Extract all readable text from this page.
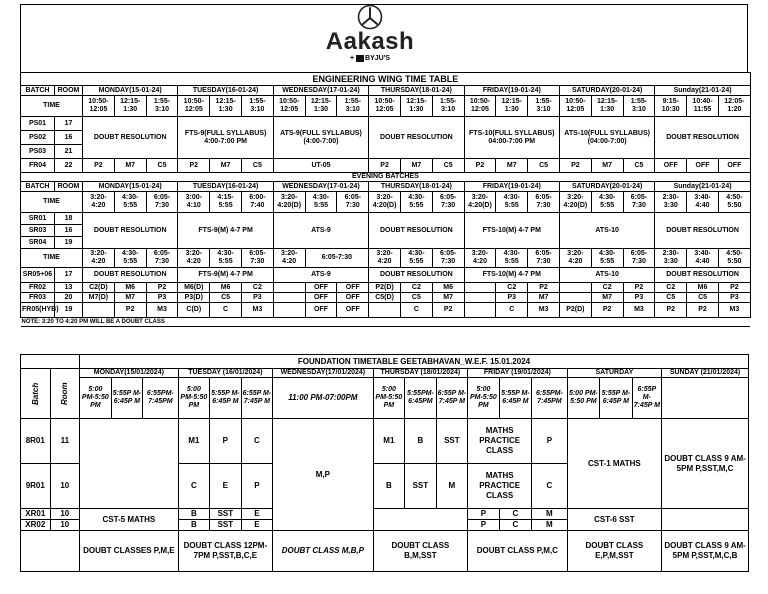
Aakash
+ BYJU'S
ENGINEERING WING TIME TABLE																						
BATCH	ROOM	MONDAY(15-01-24)			TUESDAY(16-01-24)			WEDNESDAY(17-01-24)			THURSDAY(18-01-24)			FRIDAY(19-01-24)			SATURDAY(20-01-24)			Sunday(21-01-24)		
TIME		10:50-12:05	12:15-1:30	1:55-3:10	10:50-12:05	12:15-1:30	1:55-3:10	10:50-12:05	12:15-1:30	1:55-3:10	10:50-12:05	12:15-1:30	1:55-3:10	10:50-12:05	12:15-1:30	1:55-3:10	10:50-12:05	12:15-1:30	1:55-3:10	9:15-10:30	10:40-11:55	12:05-1:20
PS01	17	DOUBT RESOLUTION			FTS-9(FULL SYLLABUS) 4:00-7:00 PM			ATS-9(FULL SYLLABUS)(4:00-7:00)			DOUBT RESOLUTION			FTS-10(FULL SYLLABUS) 04:00-7:00 PM			ATS-10(FULL SYLLABUS)(04:00-7:00)			DOUBT RESOLUTION		
PS02	16																					
PS03	21																					
FR04	22	P2	M7	C5	P2	M7	C5	UT-05			P2	M7	C5	P2	M7	C5	P2	M7	C5	OFF	OFF	OFF
EVENING BATCHES																						
BATCH	ROOM	MONDAY(15-01-24)			TUESDAY(16-01-24)			WEDNESDAY(17-01-24)			THURSDAY(18-01-24)			FRIDAY(19-01-24)			SATURDAY(20-01-24)			Sunday(21-01-24)		
TIME		3:20-4:20	4:30-5:55	6:05-7:30	3:00-4:10	4:15-5:55	6:00-7:40	3:20-4:20(D)	4:30-5:55	6:05-7:30	3:20-4:20(D)	4:30-5:55	6:05-7:30	3:20-4:20(D)	4:30-5:55	6:05-7:30	3:20-4:20(D)	4:30-5:55	6:05-7:30	2:30-3:30	3:40-4:40	4:50-5:50
SR01	18	DOUBT RESOLUTION			FTS-9(M) 4-7 PM			ATS-9			DOUBT RESOLUTION			FTS-10(M) 4-7 PM			ATS-10			DOUBT RESOLUTION		
SR03	16																					
SR04	19																					
TIME		3:20-4:20	4:30-5:55	6:05-7:30	3:20-4:20	4:30-5:55	6:05-7:30	3:20-4:20	6:05-7:30		3:20-4:20	4:30-5:55	6:05-7:30	3:20-4:20	4:30-5:55	6:05-7:30	3:20-4:20	4:30-5:55	6:05-7:30	2:30-3:30	3:40-4:40	4:50-5:50
SR05+06	17	DOUBT RESOLUTION			FTS-9(M) 4-7 PM			ATS-9			DOUBT RESOLUTION			FTS-10(M) 4-7 PM			ATS-10			DOUBT RESOLUTION		
FR02	13	C2(D)	M6	P2	M6(D)	M6	C2		OFF	OFF	P2(D)	C2	M6		C2	P2		C2	P2	C2	M6	P2
FR03	20	M7(D)	M7	P3	P3(D)	C5	P3		OFF	OFF	C5(D)	C5	M7		P3	M7		M7	P3	C5	C5	P3
FR05(HYB)	19		P2	M3	C(D)	C	M3		OFF	OFF		C	P2		C	M3	P2(D)	P2	M3	P2	P2	M3
NOTE: 3:20 TO 4:20 PM WILL BE A DOUBT CLASS																						
		FOUNDATION TIMETABLE GEETABHAVAN_W.E.F. 15.01.2024																
Batch	Room	MONDAY(15/01/2024)			TUESDAY (16/01/2024)			WEDNESDAY(17/01/2024)	THURSDAY (18/01/2024)			FRIDAY (19/01/2024)			SATURDAY			SUNDAY (21/01/2024)
		5:00 PM-5:50 PM	5:55P M-6:45P M	6:55PM-7:45PM	5:00 PM-5:50 PM	5:55P M-6:45P M	6:55P M-7:45P M	11:00 PM-07:00PM	5:00 PM-5:50 PM	5:55PM-6:45PM	6:55P M-7:45P M	5:00 PM-5:50 PM	5:55P M-6:45P M	6:55PM-7:45PM	5:00 PM-5:50 PM	5:55P M-6:45P M	6:55P M-7:45P M	
8R01	11				M1	P	C	M,P	M1	B	SST	MATHS PRACTICE CLASS		P	CST-1 MATHS			DOUBT CLASS 9 AM-5PM P,SST,M,C
9R01	10				C	E	P		B	SST	M	MATHS PRACTICE CLASS		C				
XR01	10	CST-5 MATHS			B	SST	E					P	C	M	CST-6 SST			
XR02	10				B	SST	E					P	C	M				
		DOUBT CLASSES P,M,E			DOUBT CLASS 12PM-7PM P,SST,B,C,E			DOUBT CLASS M,B,P	DOUBT CLASS B,M,SST			DOUBT CLASS P,M,C			DOUBT CLASS E,P,M,SST			DOUBT CLASS 9 AM-5PM P,SST,M,C,B
